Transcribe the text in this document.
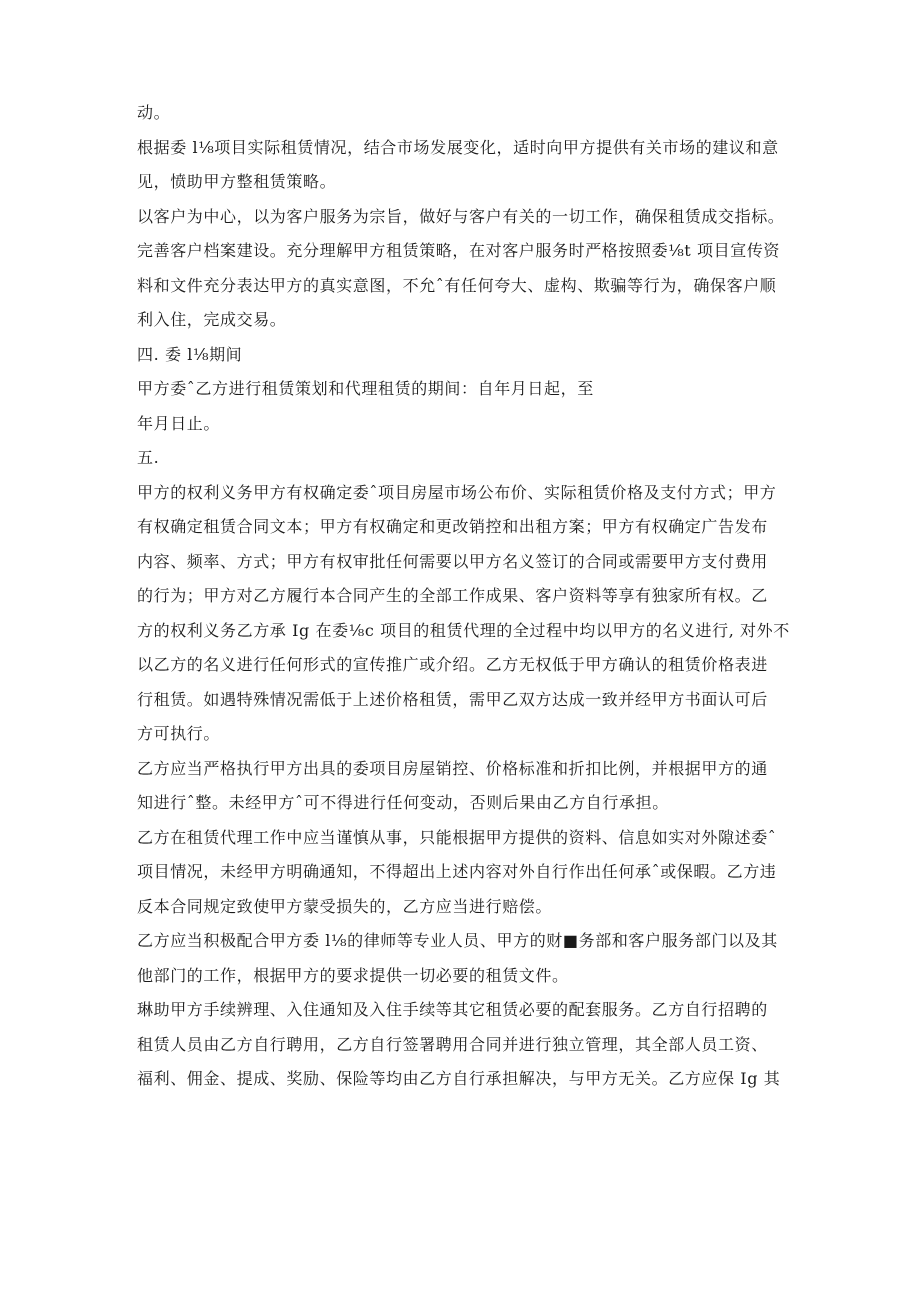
动。
根据委 l⅛项目实际租赁情况，结合市场发展变化，适时向甲方提供有关市场的建议和意
见，愤助甲方整租赁策略。
以客户为中心，以为客户服务为宗旨，做好与客户有关的一切工作，确保租赁成交指标。
完善客户档案建设。充分理解甲方租赁策略，在对客户服务时严格按照委⅛t 项目宣传资
料和文件充分表达甲方的真实意图，不允ˆ有任何夸大、虚构、欺骗等行为，确保客户顺
利入住，完成交易。
四. 委 l⅛期间
甲方委ˆ乙方进行租赁策划和代理租赁的期间：自年月日起，至
年月日止。
五.
甲方的权利义务甲方有权确定委ˆ项目房屋市场公布价、实际租赁价格及支付方式；甲方
有权确定租赁合同文本；甲方有权确定和更改销控和出租方案；甲方有权确定广告发布
内容、频率、方式；甲方有权审批任何需要以甲方名义签订的合同或需要甲方支付费用
的行为；甲方对乙方履行本合同产生的全部工作成果、客户资料等享有独家所有权。乙
方的权利义务乙方承 Ig 在委⅛c 项目的租赁代理的全过程中均以甲方的名义进行, 对外不
以乙方的名义进行任何形式的宣传推广或介绍。乙方无权低于甲方确认的租赁价格表进
行租赁。如遇特殊情况需低于上述价格租赁，需甲乙双方达成一致并经甲方书面认可后
方可执行。
乙方应当严格执行甲方出具的委项目房屋销控、价格标准和折扣比例，并根据甲方的通
知进行ˆ整。未经甲方ˆ可不得进行任何变动，否则后果由乙方自行承担。
乙方在租赁代理工作中应当谨慎从事，只能根据甲方提供的资料、信息如实对外隙述委ˆ
项目情况，未经甲方明确通知，不得超出上述内容对外自行作出任何承ˆ或保暇。乙方违
反本合同规定致使甲方蒙受损失的，乙方应当进行赔偿。
乙方应当积极配合甲方委 l⅛的律师等专业人员、甲方的财■务部和客户服务部门以及其
他部门的工作，根据甲方的要求提供一切必要的租赁文件。
琳助甲方手续辨理、入住通知及入住手续等其它租赁必要的配套服务。乙方自行招聘的
租赁人员由乙方自行聘用，乙方自行签署聘用合同并进行独立管理，其全部人员工资、
福利、佣金、提成、奖励、保险等均由乙方自行承担解决，与甲方无关。乙方应保 Ig 其
